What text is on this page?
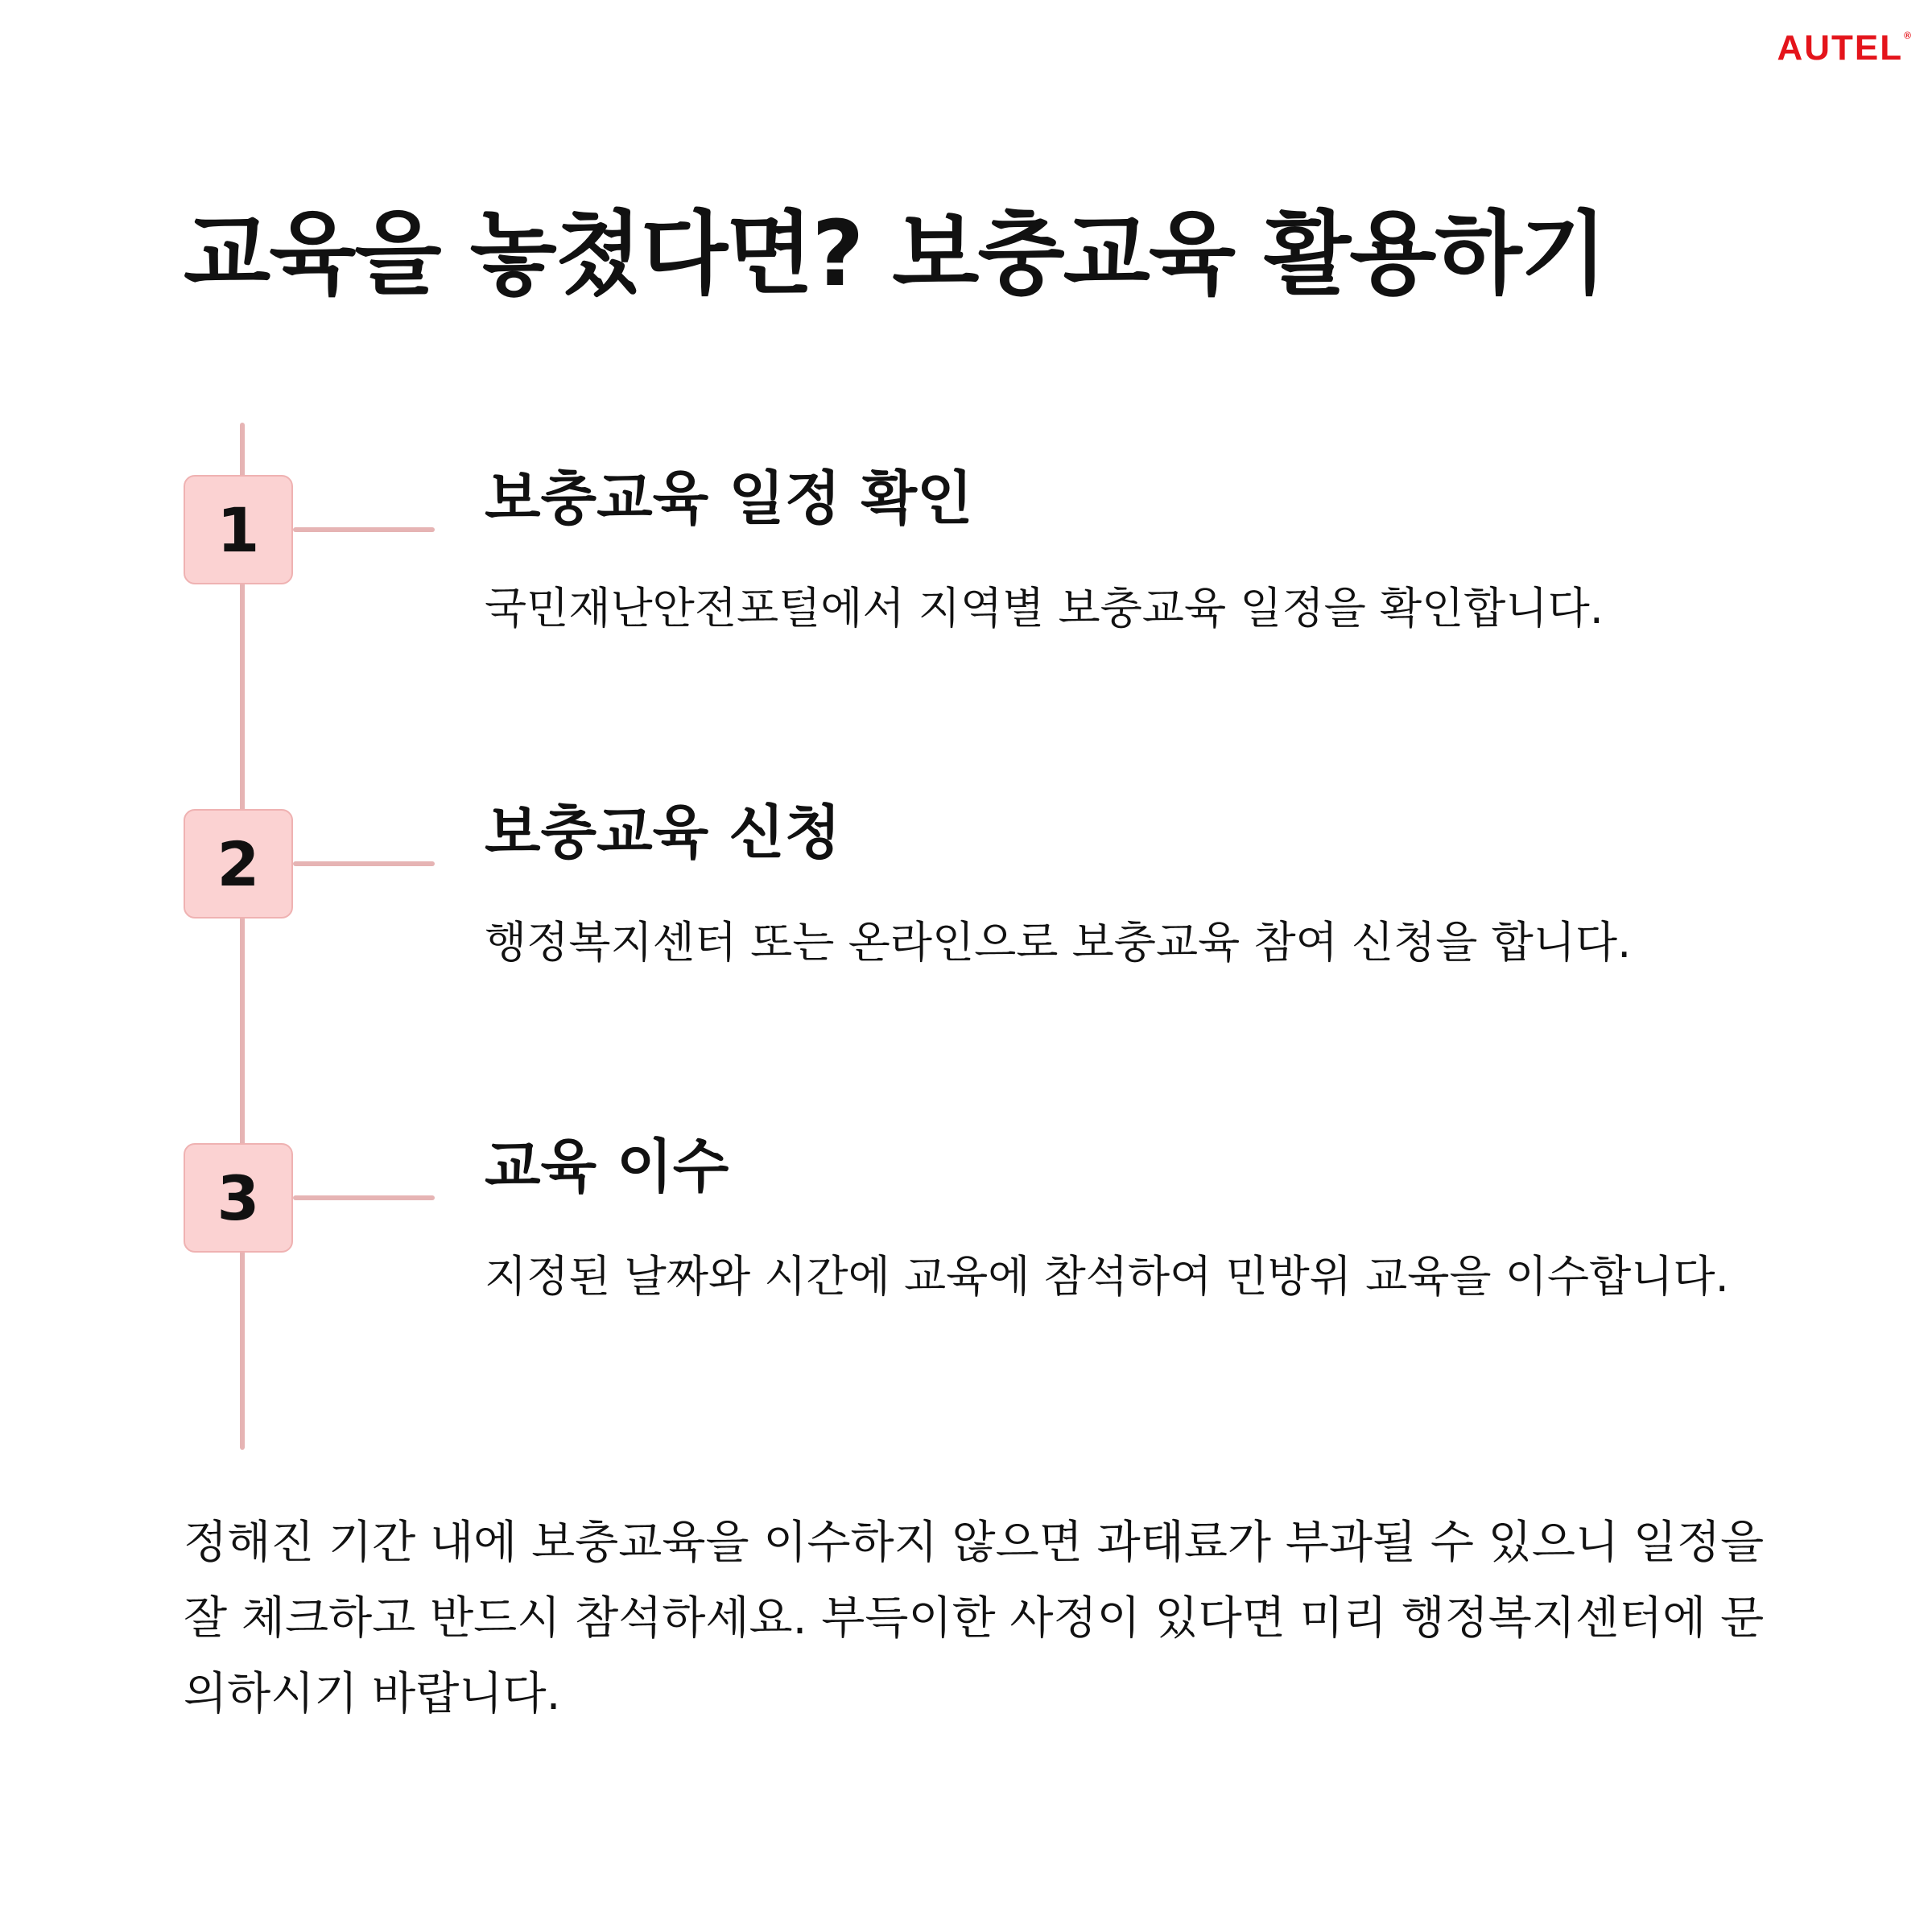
AUTEL®
교육을 놓쳤다면? 보충교육 활용하기
1	보충교육 일정 확인

국민재난안전포털에서 지역별 보충교육 일정을 확인합니다.

2	보충교육 신청

행정복지센터 또는 온라인으로 보충교육 참여 신청을 합니다.

3	교육 이수

지정된 날짜와 시간에 교육에 참석하여 민방위 교육을 이수합니다.

정해진 기간 내에 보충교육을 이수하지 않으면 과태료가 부과될 수 있으니 일정을 잘 체크하고 반드시 참석하세요. 부득이한 사정이 있다면 미리 행정복지센터에 문의하시기 바랍니다.
